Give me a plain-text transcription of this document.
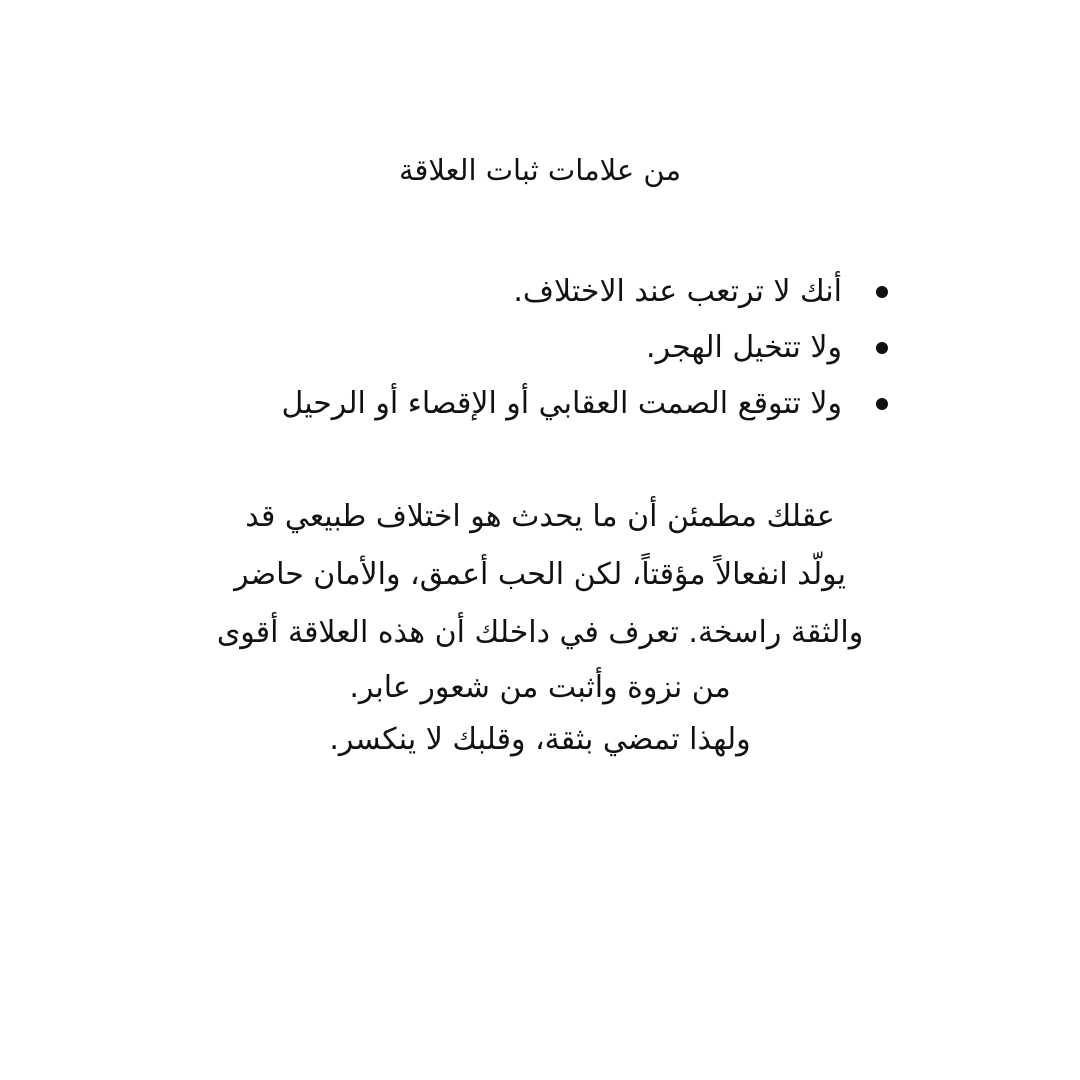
من علامات ثبات العلاقة
أنك لا ترتعب عند الاختلاف.
ولا تتخيل الهجر.
ولا تتوقع الصمت العقابي أو الإقصاء أو الرحيل
عقلك مطمئن أن ما يحدث هو اختلاف طبيعي قد
يولّد انفعالاً مؤقتاً، لكن الحب أعمق، والأمان حاضر
والثقة راسخة. تعرف في داخلك أن هذه العلاقة أقوى
من نزوة وأثبت من شعور عابر.
ولهذا تمضي بثقة، وقلبك لا ينكسر.
